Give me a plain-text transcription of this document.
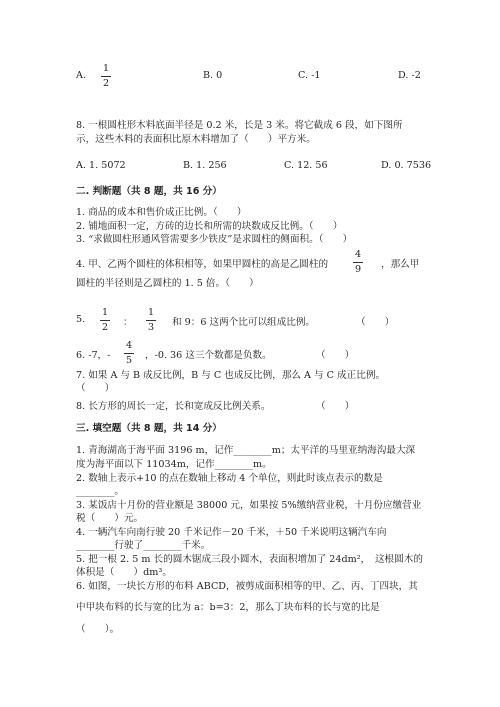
A.
1
2
B. 0	C. -1	D. -2
8. 一根圆柱形木料底面半径是 0.2 米，长是 3 米。将它截成 6 段，如下图所
示，这些木料的表面积比原木料增加了（　　）平方米。
A. 1. 5072	B. 1. 256	C. 12. 56	D. 0. 7536
二. 判断题（共 8 题，共 16 分）
1. 商品的成本和售价成正比例。（　　）
2. 铺地面积一定，方砖的边长和所需的块数成反比例。（　　）
3. “求做圆柱形通风管需要多少铁皮”是求圆柱的侧面积。（　　）
4. 甲、乙两个圆柱的体积相等，如果甲圆柱的高是乙圆柱的
4
9 ，那么甲
圆柱的半径则是乙圆柱的 1. 5 倍。（　　）
5.
1
2 ：
1
3 和 9：6 这两个比可以组成比例。	（　　）
6. -7，-
4
5 ，-0. 36 这三个数都是负数。	（　　）
7. 如果 A 与 B 成反比例，B 与 C 也成反比例，那么 A 与 C 成正比例。
（　　）
8. 长方形的周长一定，长和宽成反比例关系。	（　　）
三. 填空题（共 8 题，共 14 分）
1. 青海湖高于海平面 3196 m，记作________m；太平洋的马里亚纳海沟最大深
度为海平面以下 11034m，记作________m。
2. 数轴上表示+10 的点在数轴上移动 4 个单位，则此时该点表示的数是
________。
3. 某饭店十月份的营业额是 38000 元，如果按 5%缴纳营业税，十月份应缴营业
税（　　）元。
4. 一辆汽车向南行驶 20 千米记作－20 千米，＋50 千米说明这辆汽车向
________行驶了________千米。
5. 把一根 2. 5 m 长的圆木锯成三段小圆木，表面积增加了 24dm²，　这根圆木的
体积是（　　）dm³。
6. 如图，一块长方形的布料 ABCD，被剪成面积相等的甲、乙、丙、丁四块，其
中甲块布料的长与宽的比为 a：b=3：2，那么丁块布料的长与宽的比是
（　　）。
